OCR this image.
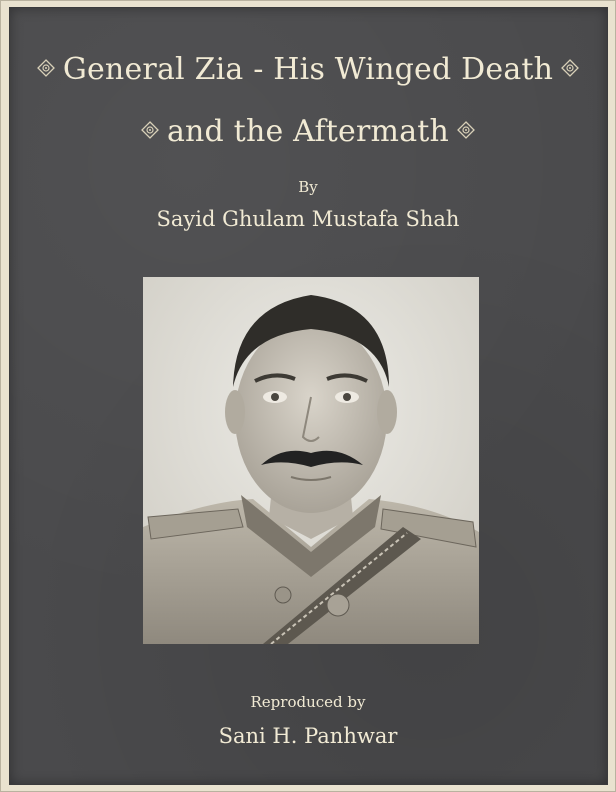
General Zia - His Winged Death
and the Aftermath
By
Sayid Ghulam Mustafa Shah
Reproduced by
Sani H. Panhwar
